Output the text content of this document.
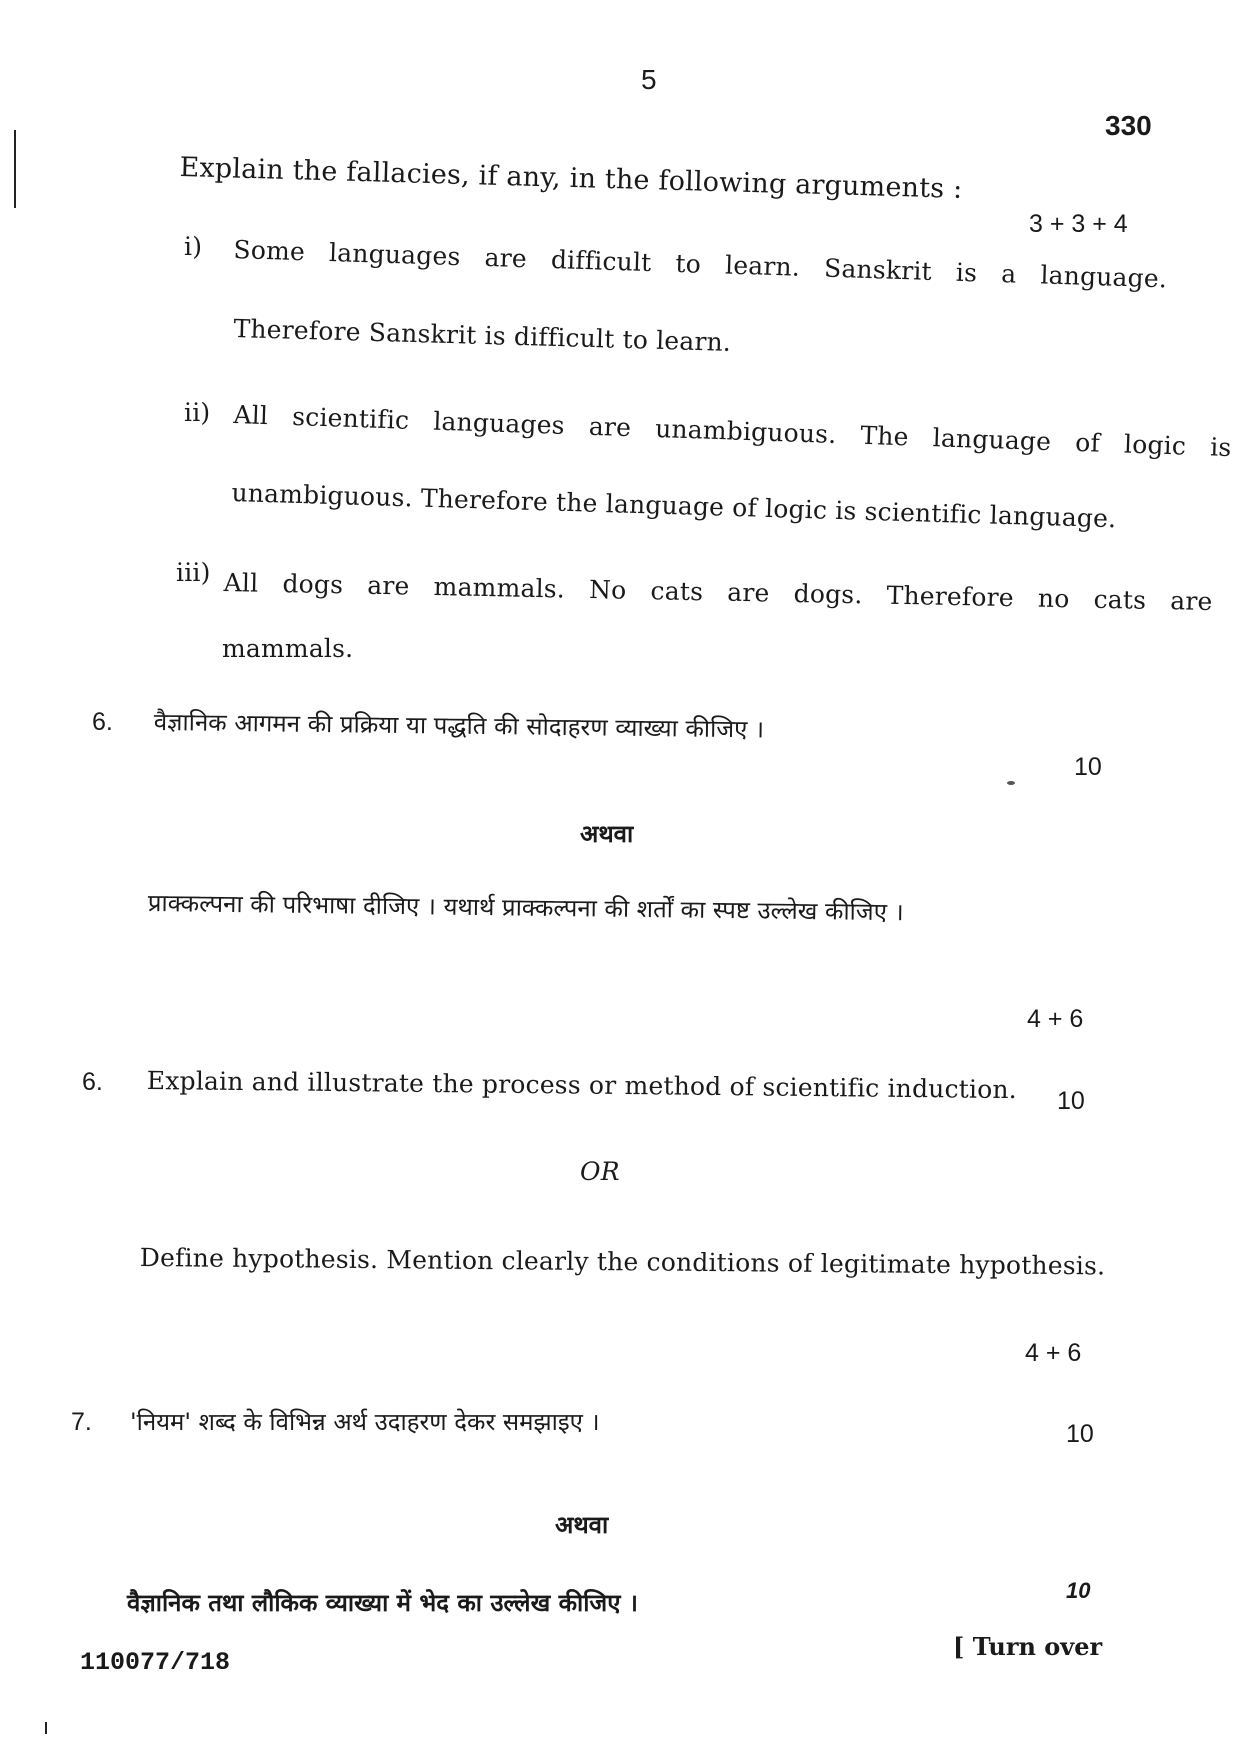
5
330
Explain the fallacies, if any, in the following arguments :
3 + 3 + 4
i) Some languages are difficult to learn. Sanskrit is a language.
Therefore Sanskrit is difficult to learn.
ii) All scientific languages are unambiguous. The language of logic is
unambiguous. Therefore the language of logic is scientific language.
iii) All dogs are mammals. No cats are dogs. Therefore no cats are
mammals.
6. वैज्ञानिक आगमन की प्रक्रिया या पद्धति की सोदाहरण व्याख्या कीजिए ।
10
अथवा
प्राक्कल्पना की परिभाषा दीजिए । यथार्थ प्राक्कल्पना की शर्तों का स्पष्ट उल्लेख कीजिए ।
4 + 6
6. Explain and illustrate the process or method of scientific induction. 10
OR
Define hypothesis. Mention clearly the conditions of legitimate hypothesis.
4 + 6
7. 'नियम' शब्द के विभिन्न अर्थ उदाहरण देकर समझाइए ।	10
अथवा
वैज्ञानिक तथा लौकिक व्याख्या में भेद का उल्लेख कीजिए ।	10
110077/718
[ Turn over
